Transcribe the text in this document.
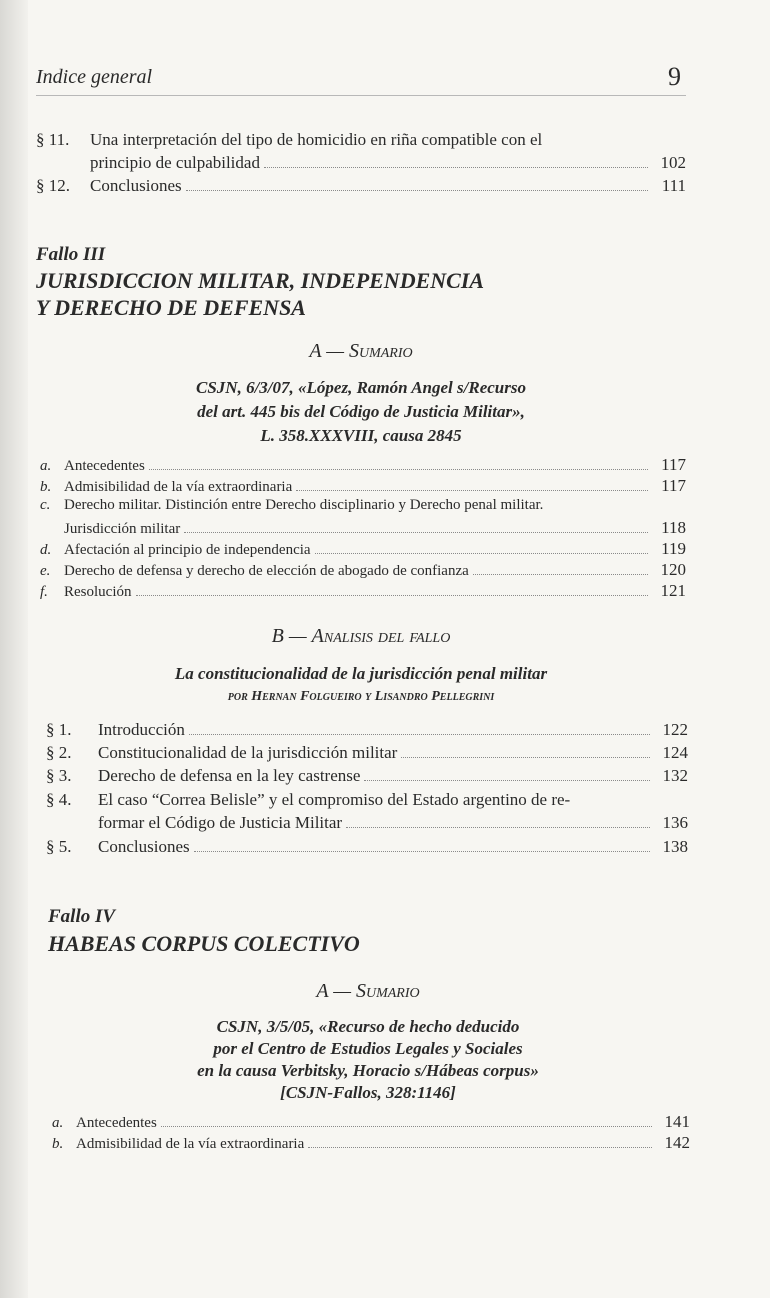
Indice general	9
§ 11.	Una interpretación del tipo de homicidio en riña compatible con el
principio de culpabilidad	102
§ 12.	Conclusiones	111
Fallo III
JURISDICCION MILITAR, INDEPENDENCIA
Y DERECHO DE DEFENSA
A — Sumario
CSJN, 6/3/07, «López, Ramón Angel s/Recurso
del art. 445 bis del Código de Justicia Militar»,
L. 358.XXXVIII, causa 2845
a. Antecedentes	117
b. Admisibilidad de la vía extraordinaria	117
c. Derecho militar. Distinción entre Derecho disciplinario y Derecho penal militar.
Jurisdicción militar	118
d. Afectación al principio de independencia	119
e. Derecho de defensa y derecho de elección de abogado de confianza	120
f.	Resolución	121
B — Analisis del fallo
La constitucionalidad de la jurisdicción penal militar
por Hernan Folgueiro y Lisandro Pellegrini
§ 1.	Introducción	122
§ 2.	Constitucionalidad de la jurisdicción militar	124
§ 3.	Derecho de defensa en la ley castrense	132
§ 4.	El caso “Correa Belisle” y el compromiso del Estado argentino de re-
formar el Código de Justicia Militar	136
§ 5.	Conclusiones	138
Fallo IV
HABEAS CORPUS COLECTIVO
A — Sumario
CSJN, 3/5/05, «Recurso de hecho deducido
por el Centro de Estudios Legales y Sociales
en la causa Verbitsky, Horacio s/Hábeas corpus»
[CSJN-Fallos, 328:1146]
a. Antecedentes	141
b. Admisibilidad de la vía extraordinaria	142
